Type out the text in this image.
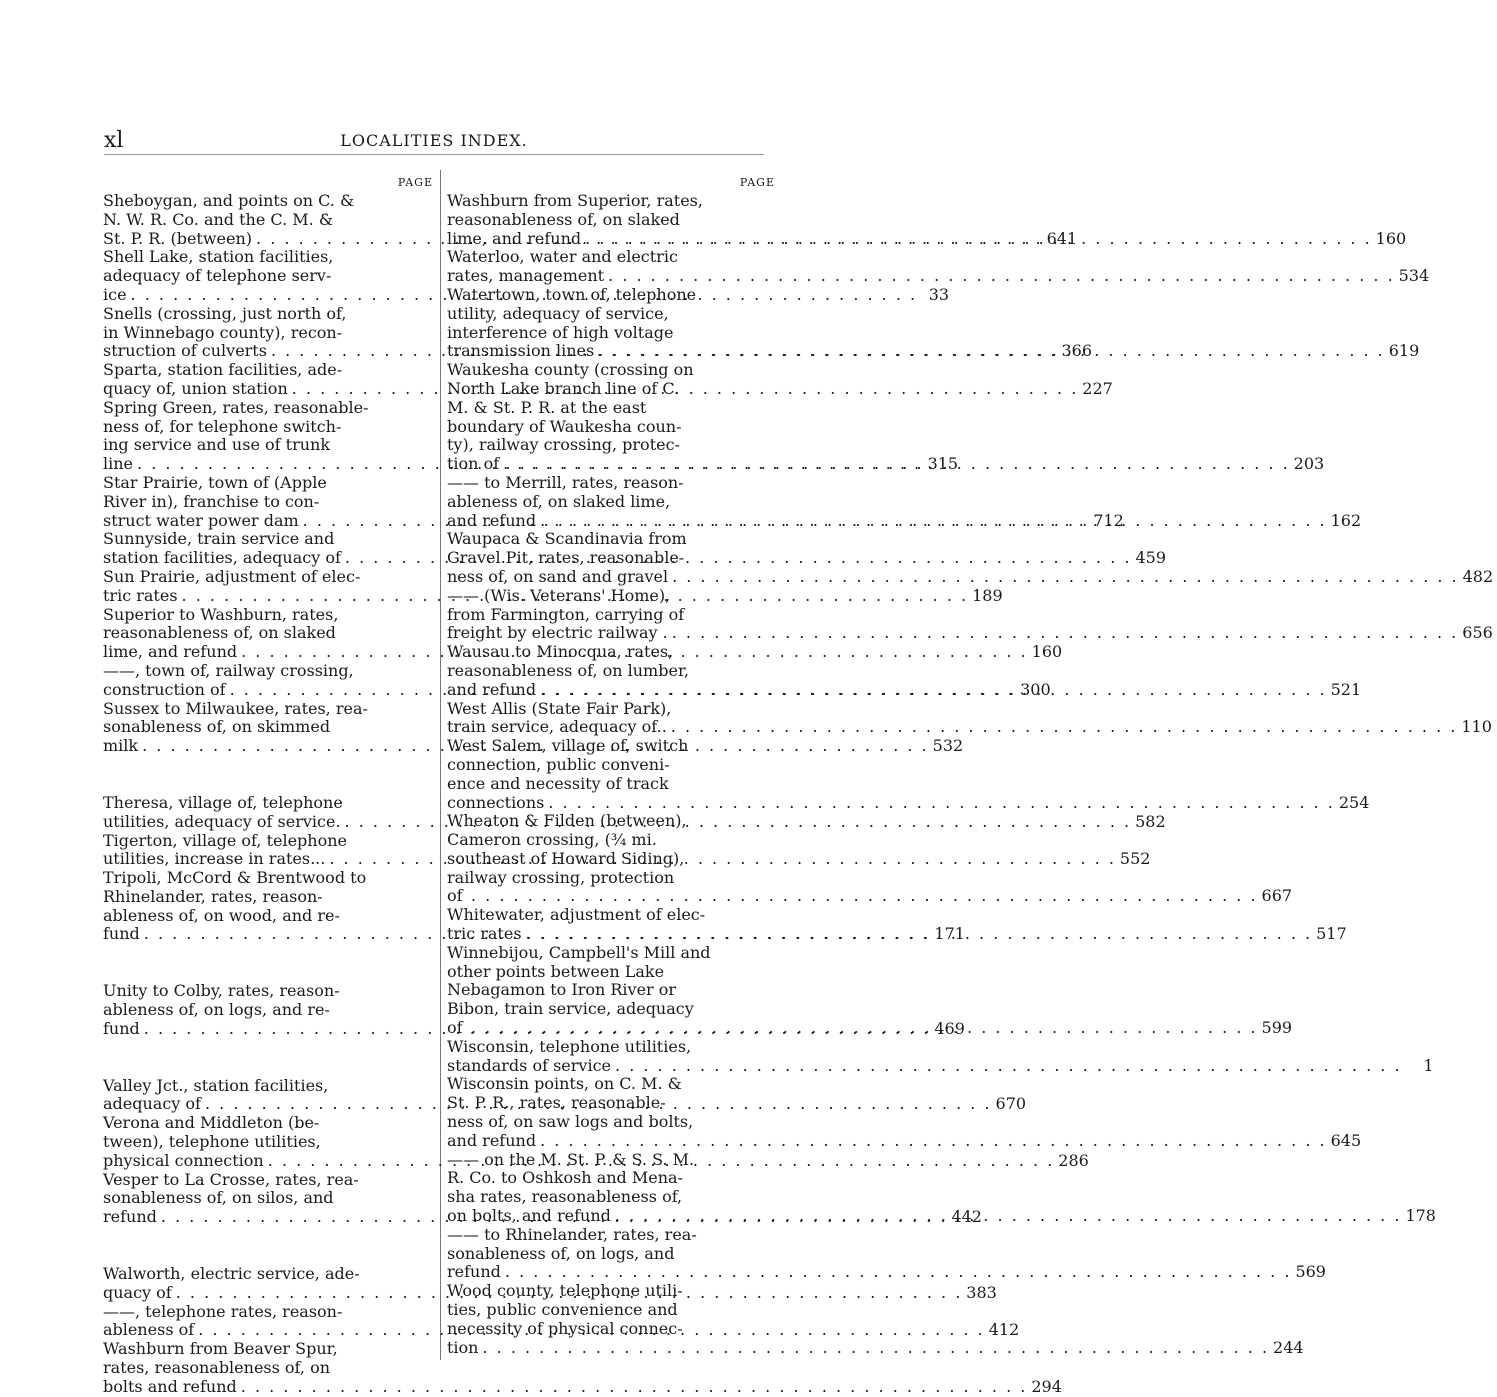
xl	LOCALITIES INDEX.
PAGE
Sheboygan, and points on C. &
N. W. R. Co. and the C. M. &
St. P. R. (between) . . .	641
Shell Lake, station facilities,
adequacy of telephone serv-
ice . . .	33
Snells (crossing, just north of,
in Winnebago county), recon-
struction of culverts . . .	366
Sparta, station facilities, ade-
quacy of, union station . . .	227
Spring Green, rates, reasonable-
ness of, for telephone switch-
ing service and use of trunk
line . . .	315
Star Prairie, town of (Apple
River in), franchise to con-
struct water power dam . . .	712
Sunnyside, train service and
station facilities, adequacy of . . .	459
Sun Prairie, adjustment of elec-
tric rates . . .	189
Superior to Washburn, rates,
reasonableness of, on slaked
lime, and refund . . .	160
——, town of, railway crossing,
construction of . . .	300
Sussex to Milwaukee, rates, rea-
sonableness of, on skimmed
milk . . .	532
Theresa, village of, telephone
utilities, adequacy of service. . . .	582
Tigerton, village of, telephone
utilities, increase in rates... . . .	552
Tripoli, McCord & Brentwood to
Rhinelander, rates, reason-
ableness of, on wood, and re-
fund . . .	171
Unity to Colby, rates, reason-
ableness of, on logs, and re-
fund . . .	469
Valley Jct., station facilities,
adequacy of . . .	670
Verona and Middleton (be-
tween), telephone utilities,
physical connection . . .	286
Vesper to La Crosse, rates, rea-
sonableness of, on silos, and
refund . . .	442
Walworth, electric service, ade-
quacy of . . .	383
——, telephone rates, reason-
ableness of . . .	412
Washburn from Beaver Spur,
rates, reasonableness of, on
bolts and refund . . .	294
PAGE
Washburn from Superior, rates,
reasonableness of, on slaked
lime, and refund . . .	160
Waterloo, water and electric
rates, management . . .	534
Watertown, town of, telephone
utility, adequacy of service,
interference of high voltage
transmission lines . . .	619
Waukesha county (crossing on
North Lake branch line of C.
M. & St. P. R. at the east
boundary of Waukesha coun-
ty), railway crossing, protec-
tion of . . .	203
—— to Merrill, rates, reason-
ableness of, on slaked lime,
and refund . . .	162
Waupaca & Scandinavia from
Gravel Pit, rates, reasonable-
ness of, on sand and gravel . . .	482
—— (Wis. Veterans' Home),
from Farmington, carrying of
freight by electric railway . . . .	656
Wausau to Minocqua, rates,
reasonableness of, on lumber,
and refund . . .	521
West Allis (State Fair Park),
train service, adequacy of.. . . .	110
West Salem, village of, switch
connection, public conveni-
ence and necessity of track
connections . . .	254
Wheaton & Filden (between),
Cameron crossing, (¾ mi.
southeast of Howard Siding),
railway crossing, protection
of . . .	667
Whitewater, adjustment of elec-
tric rates . . .	517
Winnebijou, Campbell's Mill and
other points between Lake
Nebagamon to Iron River or
Bibon, train service, adequacy
of . . .	599
Wisconsin, telephone utilities,
standards of service . . .	1
Wisconsin points, on C. M. &
St. P. R., rates, reasonable-
ness of, on saw logs and bolts,
and refund . . .	645
—— on the M. St. P. & S. S. M.
R. Co. to Oshkosh and Mena-
sha rates, reasonableness of,
on bolts, and refund . . .	178
—— to Rhinelander, rates, rea-
sonableness of, on logs, and
refund . . .	569
Wood county, telephone utili-
ties, public convenience and
necessity of physical connec-
tion . . .	244
